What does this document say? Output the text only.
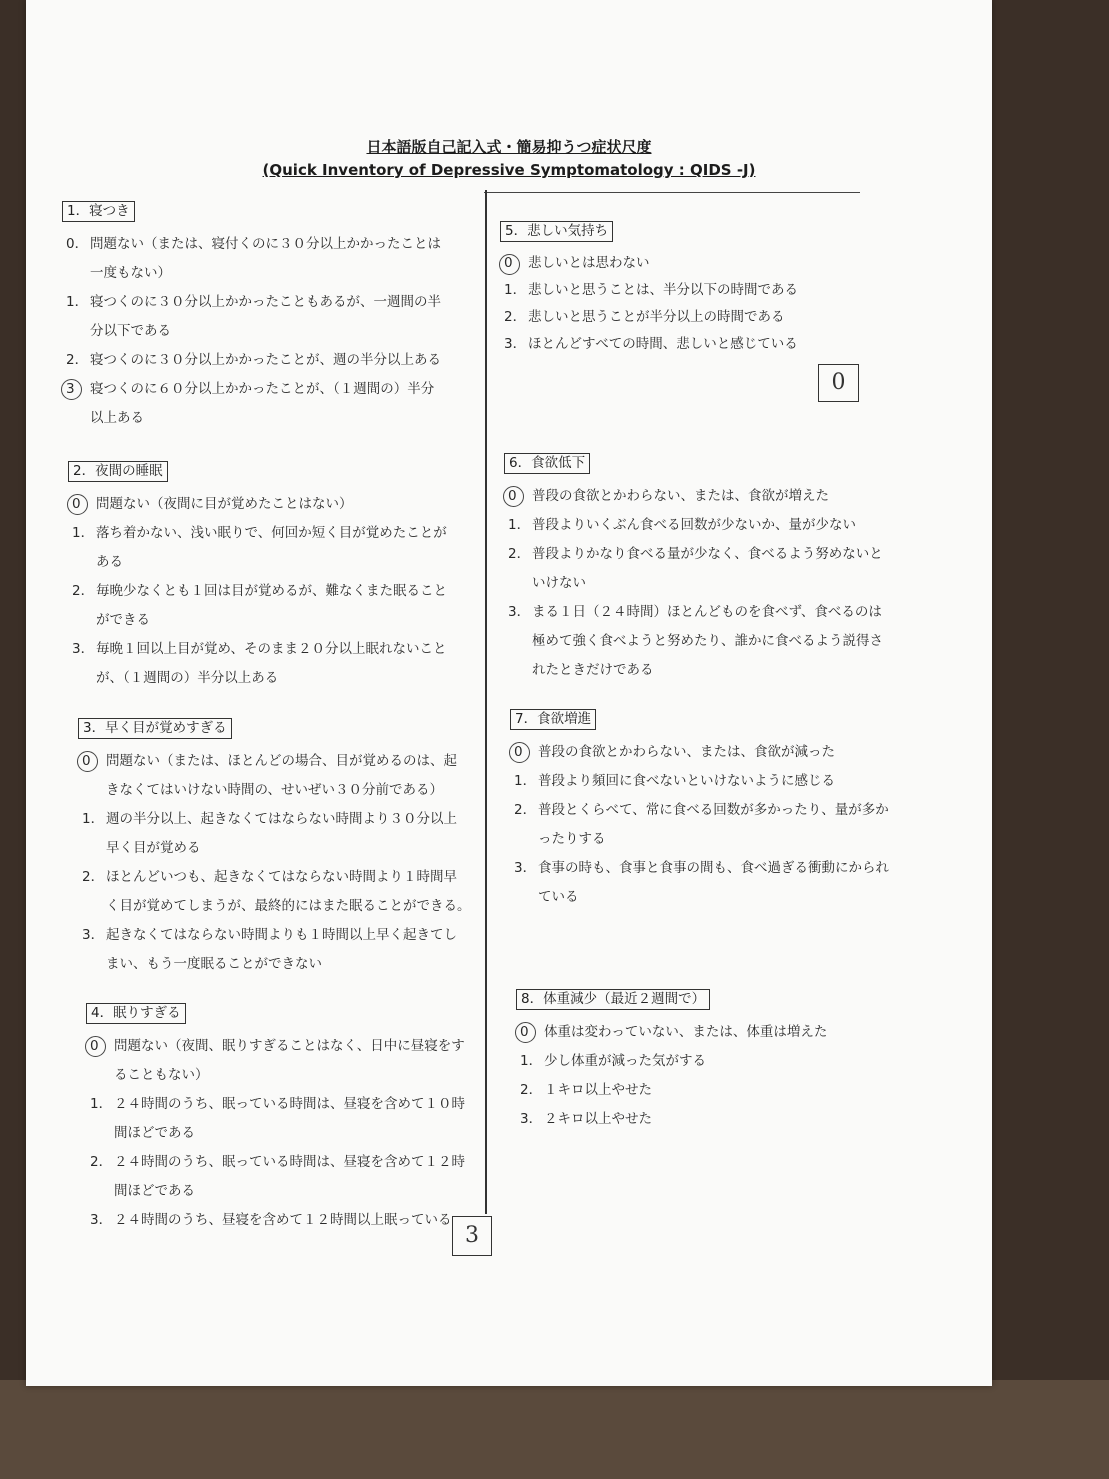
日本語版自己記入式・簡易抑うつ症状尺度
(Quick Inventory of Depressive Symptomatology : QIDS -J)
1．寝つき
0． 問題ない（または、寝付くのに３０分以上かかったことは
一度もない）
1． 寝つくのに３０分以上かかったこともあるが、一週間の半
分以下である
2． 寝つくのに３０分以上かかったことが、週の半分以上ある
3 寝つくのに６０分以上かかったことが、（１週間の）半分
以上ある
2．夜間の睡眠
0 問題ない（夜間に目が覚めたことはない）
1． 落ち着かない、浅い眠りで、何回か短く目が覚めたことが
ある
2． 毎晩少なくとも１回は目が覚めるが、難なくまた眠ること
ができる
3． 毎晩１回以上目が覚め、そのまま２０分以上眠れないこと
が、（１週間の）半分以上ある
3．早く目が覚めすぎる
0 問題ない（または、ほとんどの場合、目が覚めるのは、起
きなくてはいけない時間の、せいぜい３０分前である）
1． 週の半分以上、起きなくてはならない時間より３０分以上
早く目が覚める
2． ほとんどいつも、起きなくてはならない時間より１時間早
く目が覚めてしまうが、最終的にはまた眠ることができる。
3． 起きなくてはならない時間よりも１時間以上早く起きてし
まい、もう一度眠ることができない
4．眠りすぎる
0 問題ない（夜間、眠りすぎることはなく、日中に昼寝をす
ることもない）
1． ２４時間のうち、眠っている時間は、昼寝を含めて１０時
間ほどである
2． ２４時間のうち、眠っている時間は、昼寝を含めて１２時
間ほどである
3． ２４時間のうち、昼寝を含めて１２時間以上眠っている
5．悲しい気持ち
0 悲しいとは思わない
1． 悲しいと思うことは、半分以下の時間である
2． 悲しいと思うことが半分以上の時間である
3． ほとんどすべての時間、悲しいと感じている
0
6．食欲低下
0 普段の食欲とかわらない、または、食欲が増えた
1． 普段よりいくぶん食べる回数が少ないか、量が少ない
2． 普段よりかなり食べる量が少なく、食べるよう努めないと
いけない
3． まる１日（２４時間）ほとんどものを食べず、食べるのは
極めて強く食べようと努めたり、誰かに食べるよう説得さ
れたときだけである
7．食欲増進
0 普段の食欲とかわらない、または、食欲が減った
1． 普段より頻回に食べないといけないように感じる
2． 普段とくらべて、常に食べる回数が多かったり、量が多か
ったりする
3． 食事の時も、食事と食事の間も、食べ過ぎる衝動にかられ
ている
8．体重減少（最近２週間で）
0 体重は変わっていない、または、体重は増えた
1． 少し体重が減った気がする
2． １キロ以上やせた
3． ２キロ以上やせた
3
